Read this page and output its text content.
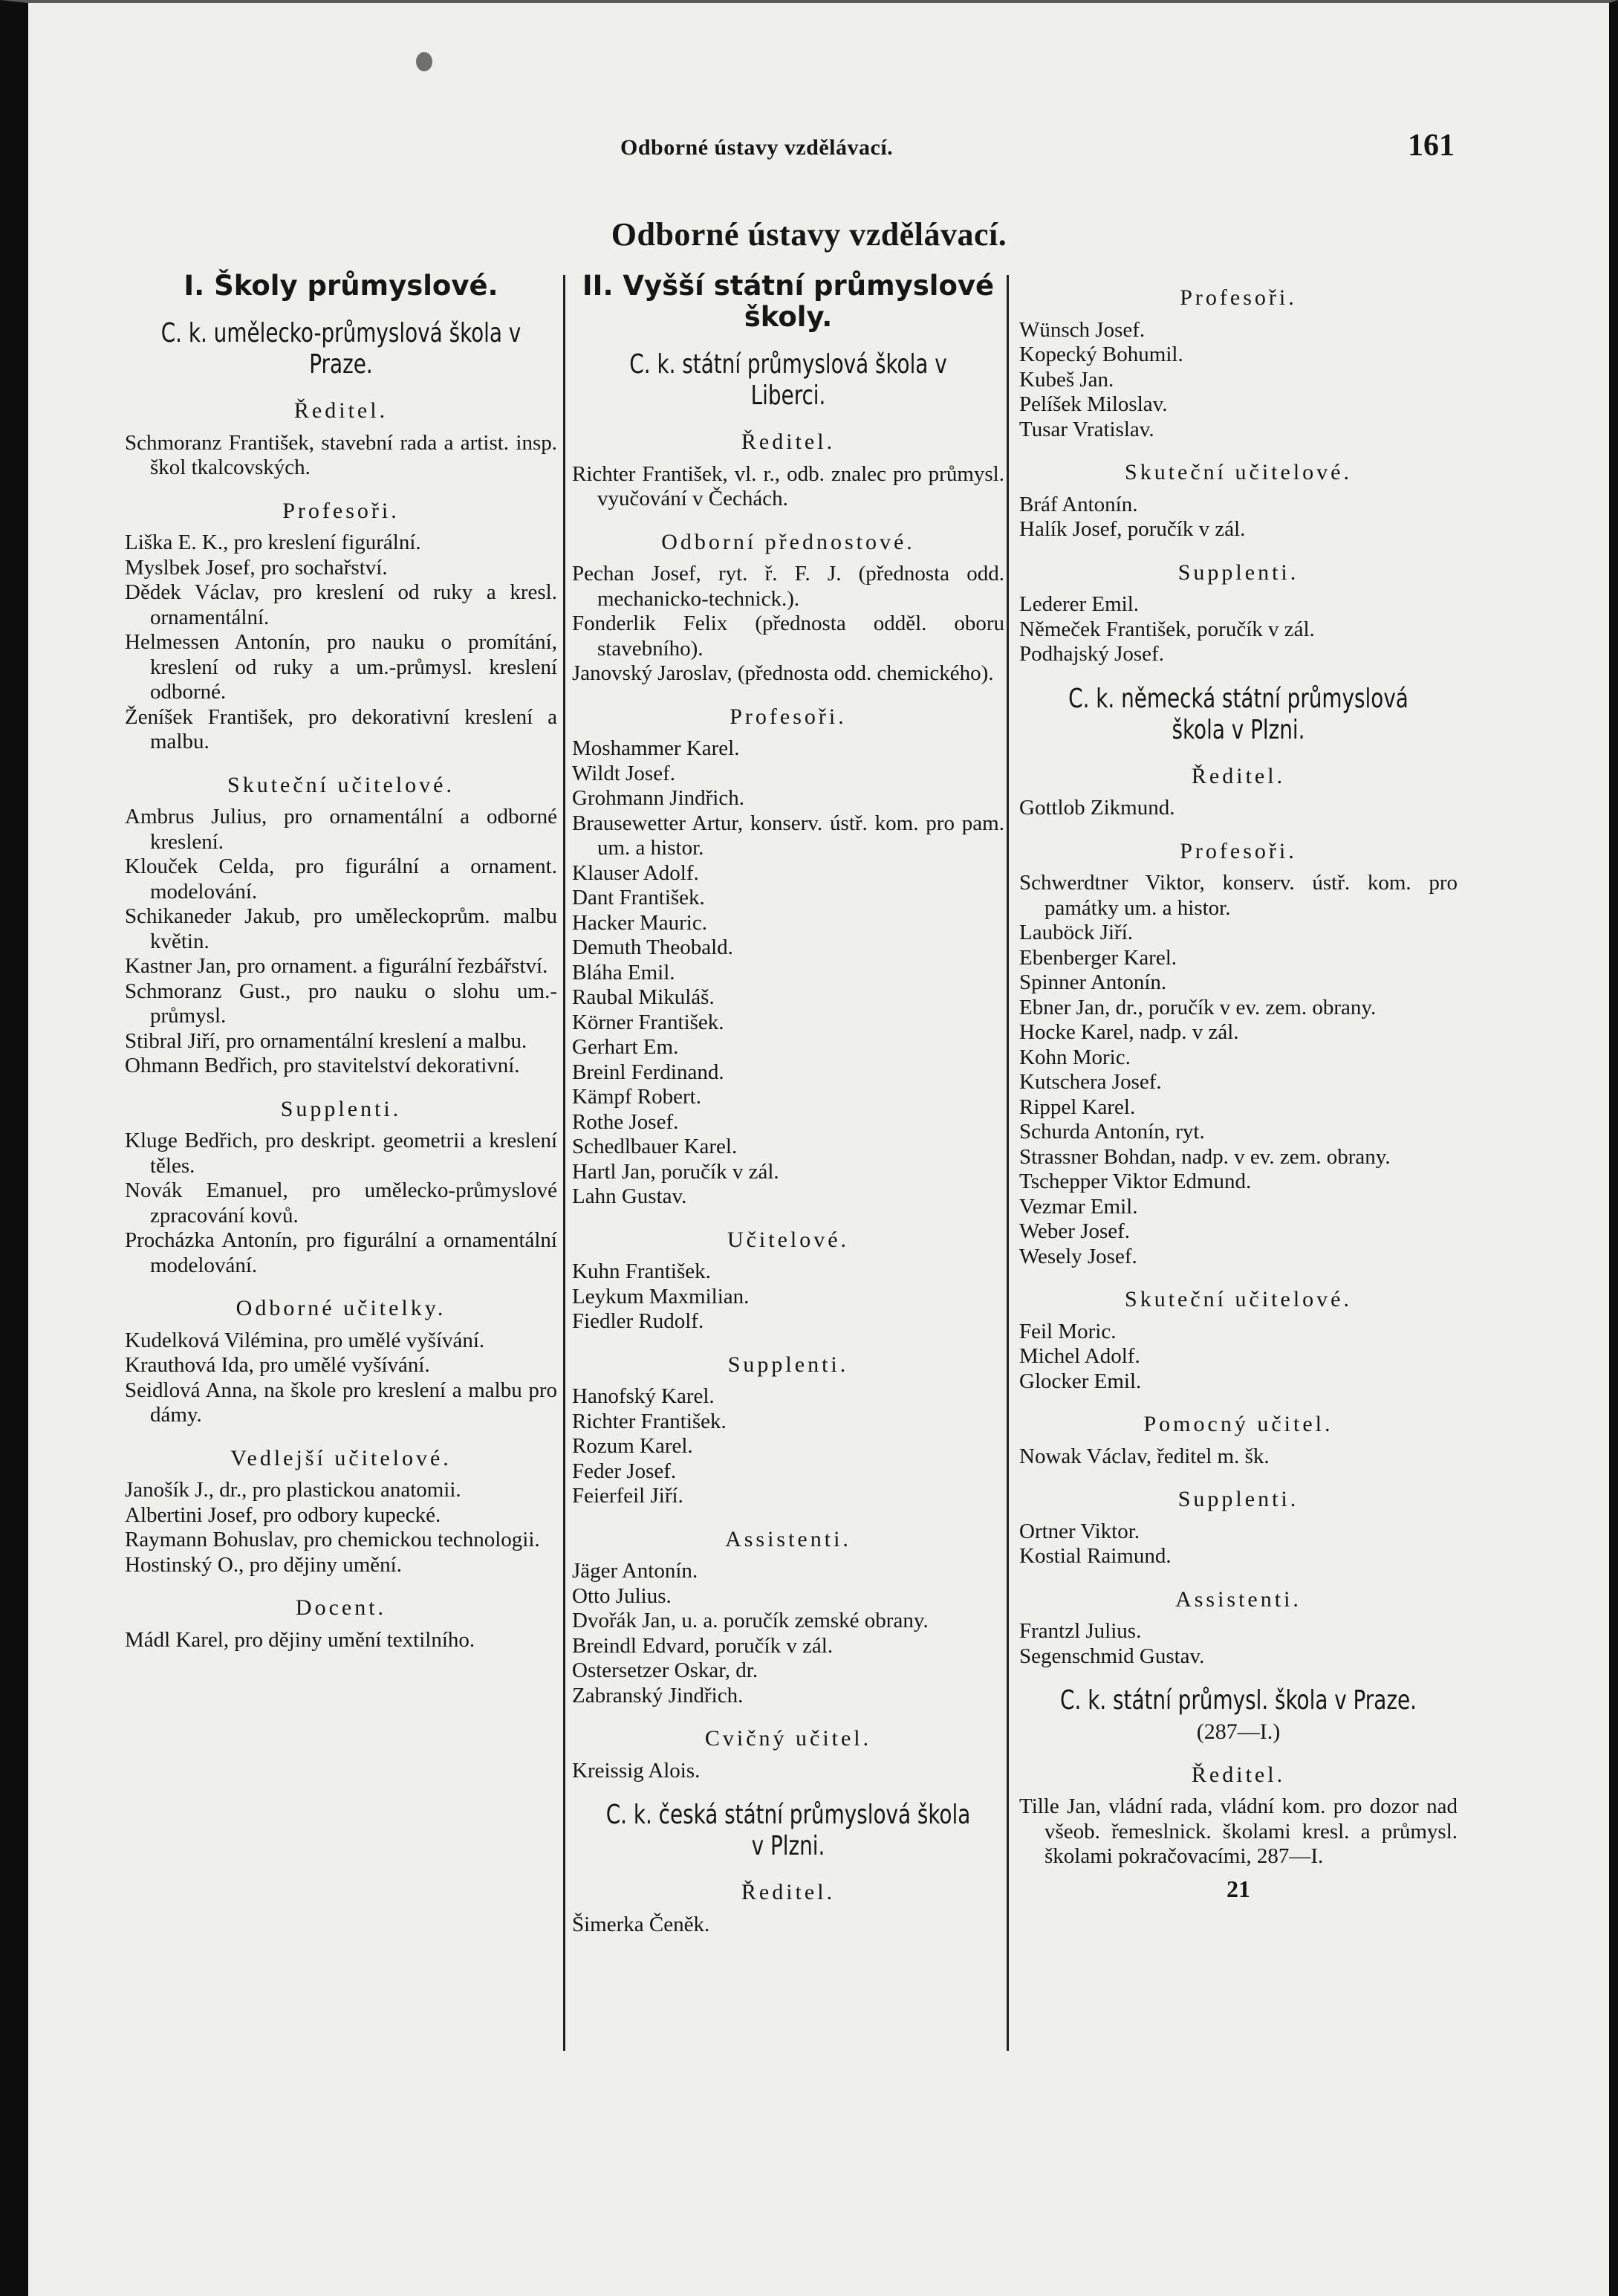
Odborné ústavy vzdělávací.	161
Odborné ústavy vzdělávací.
I. Školy průmyslové.
C. k. umělecko-průmyslová škola v Praze.
Ředitel.

Schmoranz František, stavební rada a artist. insp. škol tkalcovských.

Profesoři.

Liška E. K., pro kreslení figurální.

Myslbek Josef, pro sochařství.

Dědek Václav, pro kreslení od ruky a kresl. ornamentální.

Helmessen Antonín, pro nauku o promítání, kreslení od ruky a um.-průmysl. kreslení odborné.

Ženíšek František, pro dekorativní kreslení a malbu.

Skuteční učitelové.

Ambrus Julius, pro ornamentální a odborné kreslení.

Klouček Celda, pro figurální a ornament. modelování.

Schikaneder Jakub, pro uměleckoprům. malbu květin.

Kastner Jan, pro ornament. a figurální řezbářství.

Schmoranz Gust., pro nauku o slohu um.-průmysl.

Stibral Jiří, pro ornamentální kreslení a malbu.

Ohmann Bedřich, pro stavitelství dekorativní.

Supplenti.

Kluge Bedřich, pro deskript. geometrii a kreslení těles.

Novák Emanuel, pro umělecko-průmyslové zpracování kovů.

Procházka Antonín, pro figurální a ornamentální modelování.

Odborné učitelky.

Kudelková Vilémina, pro umělé vyšívání.

Krauthová Ida, pro umělé vyšívání.

Seidlová Anna, na škole pro kreslení a malbu pro dámy.

Vedlejší učitelové.

Janošík J., dr., pro plastickou anatomii.

Albertini Josef, pro odbory kupecké.

Raymann Bohuslav, pro chemickou technologii.

Hostinský O., pro dějiny umění.

Docent.

Mádl Karel, pro dějiny umění textilního.

II. Vyšší státní průmyslové školy.
C. k. státní průmyslová škola v Liberci.
Ředitel.

Richter František, vl. r., odb. znalec pro průmysl. vyučování v Čechách.

Odborní přednostové.

Pechan Josef, ryt. ř. F. J. (přednosta odd. mechanicko-technick.).

Fonderlik Felix (přednosta odděl. oboru stavebního).

Janovský Jaroslav, (přednosta odd. chemického).

Profesoři.

Moshammer Karel.

Wildt Josef.

Grohmann Jindřich.

Brausewetter Artur, konserv. ústř. kom. pro pam. um. a histor.

Klauser Adolf.

Dant František.

Hacker Mauric.

Demuth Theobald.

Bláha Emil.

Raubal Mikuláš.

Körner František.

Gerhart Em.

Breinl Ferdinand.

Kämpf Robert.

Rothe Josef.

Schedlbauer Karel.

Hartl Jan, poručík v zál.

Lahn Gustav.

Učitelové.

Kuhn František.

Leykum Maxmilian.

Fiedler Rudolf.

Supplenti.

Hanofský Karel.

Richter František.

Rozum Karel.

Feder Josef.

Feierfeil Jiří.

Assistenti.

Jäger Antonín.

Otto Julius.

Dvořák Jan, u. a. poručík zemské obrany.

Breindl Edvard, poručík v zál.

Ostersetzer Oskar, dr.

Zabranský Jindřich.

Cvičný učitel.

Kreissig Alois.

C. k. česká státní průmyslová škola v Plzni.
Ředitel.

Šimerka Čeněk.

Profesoři.

Wünsch Josef.

Kopecký Bohumil.

Kubeš Jan.

Pelíšek Miloslav.

Tusar Vratislav.

Skuteční učitelové.

Bráf Antonín.

Halík Josef, poručík v zál.

Supplenti.

Lederer Emil.

Němeček František, poručík v zál.

Podhajský Josef.

C. k. německá státní průmyslová škola v Plzni.
Ředitel.

Gottlob Zikmund.

Profesoři.

Schwerdtner Viktor, konserv. ústř. kom. pro památky um. a histor.

Lauböck Jiří.

Ebenberger Karel.

Spinner Antonín.

Ebner Jan, dr., poručík v ev. zem. obrany.

Hocke Karel, nadp. v zál.

Kohn Moric.

Kutschera Josef.

Rippel Karel.

Schurda Antonín, ryt.

Strassner Bohdan, nadp. v ev. zem. obrany.

Tschepper Viktor Edmund.

Vezmar Emil.

Weber Josef.

Wesely Josef.

Skuteční učitelové.

Feil Moric.

Michel Adolf.

Glocker Emil.

Pomocný učitel.

Nowak Václav, ředitel m. šk.

Supplenti.

Ortner Viktor.

Kostial Raimund.

Assistenti.

Frantzl Julius.

Segenschmid Gustav.

C. k. státní průmysl. škola v Praze.
(287—I.)
Ředitel.

Tille Jan, vládní rada, vládní kom. pro dozor nad všeob. řemeslnick. školami kresl. a průmysl. školami pokračovacími, 287—I.

21
